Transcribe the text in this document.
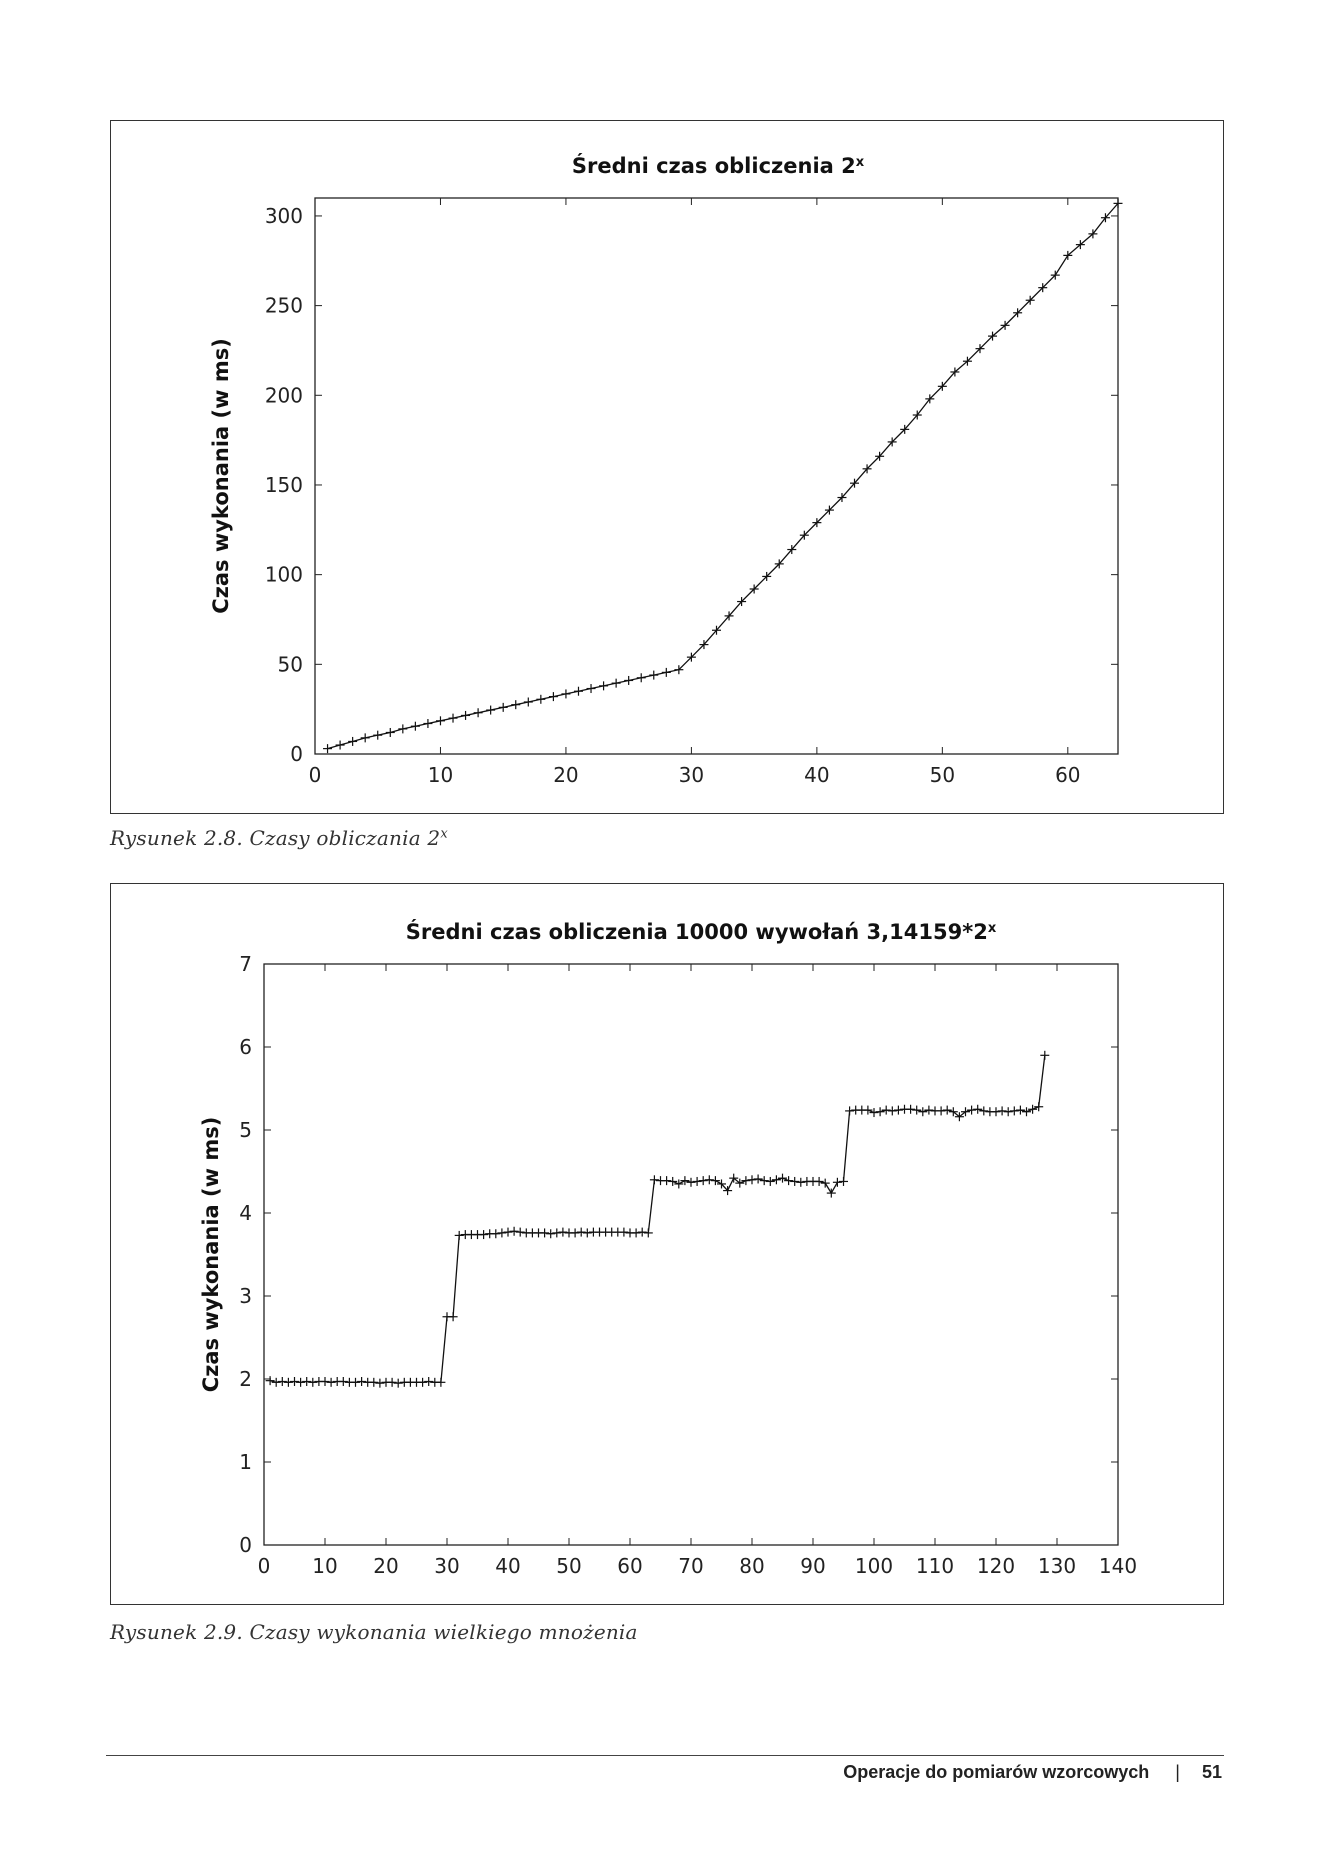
Średni czas obliczenia 2$^x$
0	10	20	30	40	50	60
0
50
100
150
200
250
300
Czas wykonania (w ms)
Rysunek 2.8. Czasy obliczania 2$^x$
Średni czas obliczenia 10000 wywołań 3,14159*2$^x$
0 10 20 30 40 50 60 70 80 90 100 110 120 130 140
0
1
2
3
4
5
6
7
Czas wykonania (w ms)
Rysunek 2.9. Czasy wykonania wielkiego mnożenia
Operacje do pomiarów wzorcowych | 51
